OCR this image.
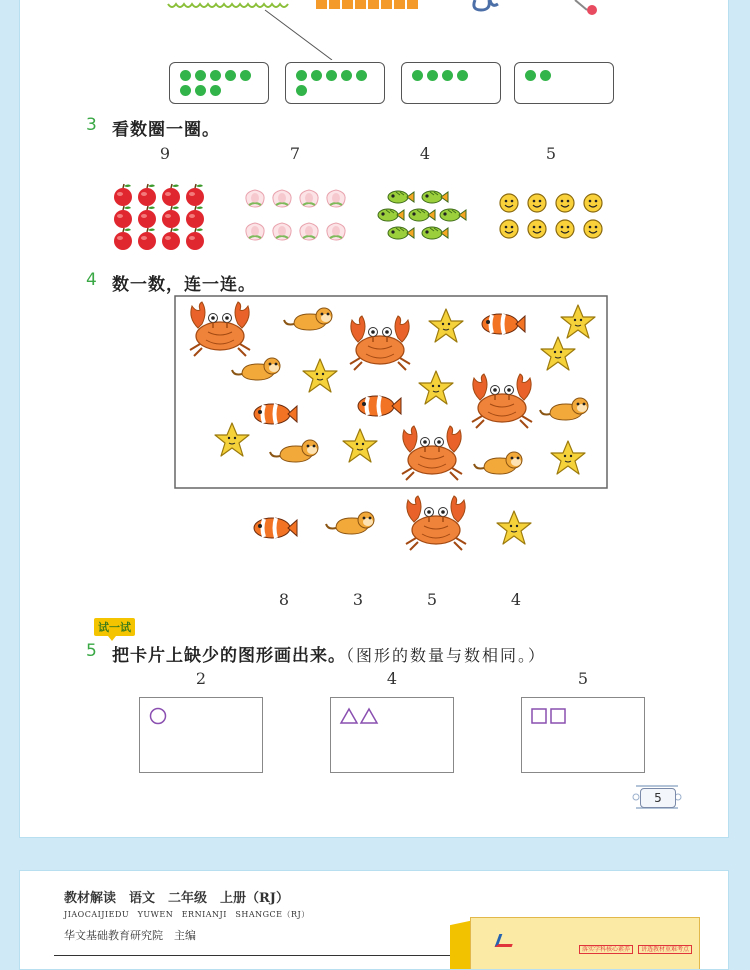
3 看数圈一圈。
9	7	4	5
4 数一数，连一连。
8	3	5	4
试一试
5 把卡片上缺少的图形画出来。（图形的数量与数相同。）
2	4	5
5
教材解读　语文　二年级　上册（RJ）
JIAOCAIJIEDU　YUWEN　ERNIANJI　SHANGCE（RJ）
华文基础教育研究院　主编
落实学科核心素养 讲透教材重难考点
